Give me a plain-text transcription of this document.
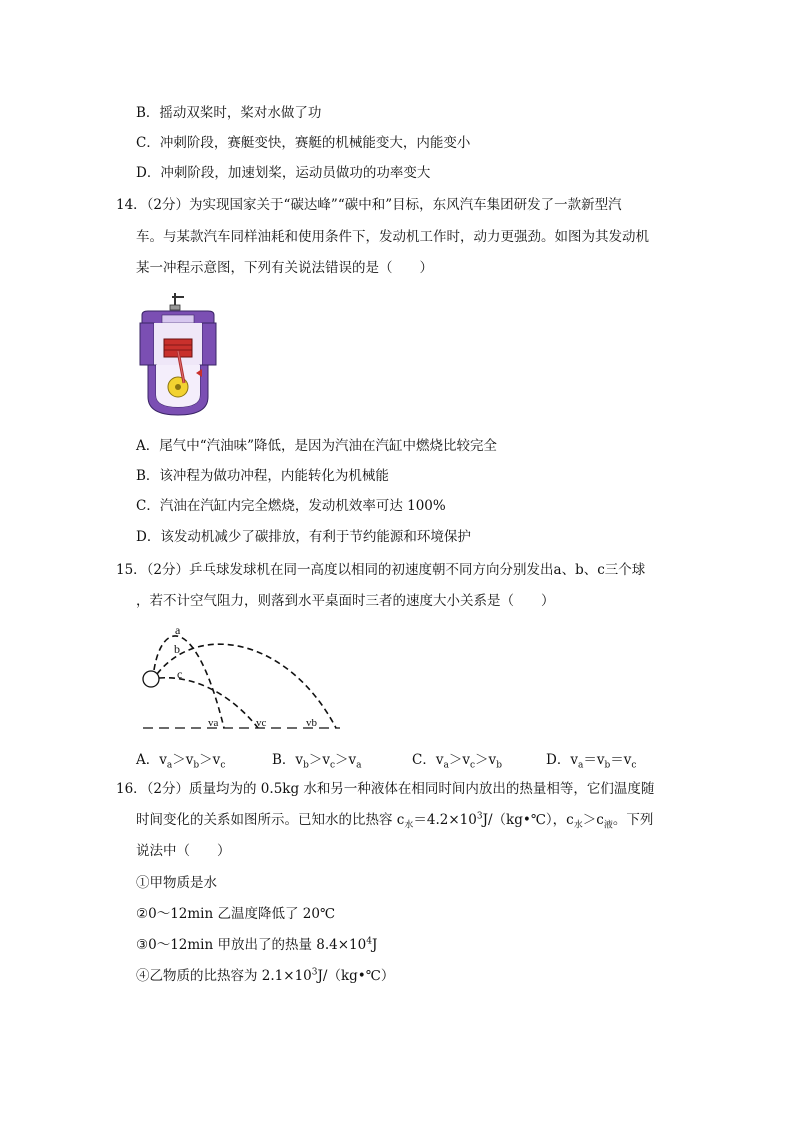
B．摇动双桨时，桨对水做了功
C．冲刺阶段，赛艇变快，赛艇的机械能变大，内能变小
D．冲刺阶段，加速划桨，运动员做功的功率变大
14．（2分）为实现国家关于“碳达峰”“碳中和”目标，东风汽车集团研发了一款新型汽
车。与某款汽车同样油耗和使用条件下，发动机工作时，动力更强劲。如图为其发动机
某一冲程示意图，下列有关说法错误的是（　　）
A．尾气中“汽油味”降低，是因为汽油在汽缸中燃烧比较完全
B．该冲程为做功冲程，内能转化为机械能
C．汽油在汽缸内完全燃烧，发动机效率可达 100%
D．该发动机减少了碳排放，有利于节约能源和环境保护
15．（2分）乒乓球发球机在同一高度以相同的初速度朝不同方向分别发出a、b、c三个球
，若不计空气阻力，则落到水平桌面时三者的速度大小关系是（　　）
a
b
c
va	vc	vb
A．$v_a>v_b>v_c$	B．$v_b>v_c>v_a$	C．$v_a>v_c>v_b$	D．$v_a=v_b=v_c$
16．（2分）质量均为的 0.5kg 水和另一种液体在相同时间内放出的热量相等，它们温度随
时间变化的关系如图所示。已知水的比热容 $c_水=4.2\times 10^3J/(kg•℃)$，$c_水>c_液$。下列
说法中（　　）
①甲物质是水
②0～12min 乙温度降低了 20℃
③0～12min 甲放出了的热量 $8.4\times 10^4J$
④乙物质的比热容为 $2.1\times 10^3J/(kg•℃)$
